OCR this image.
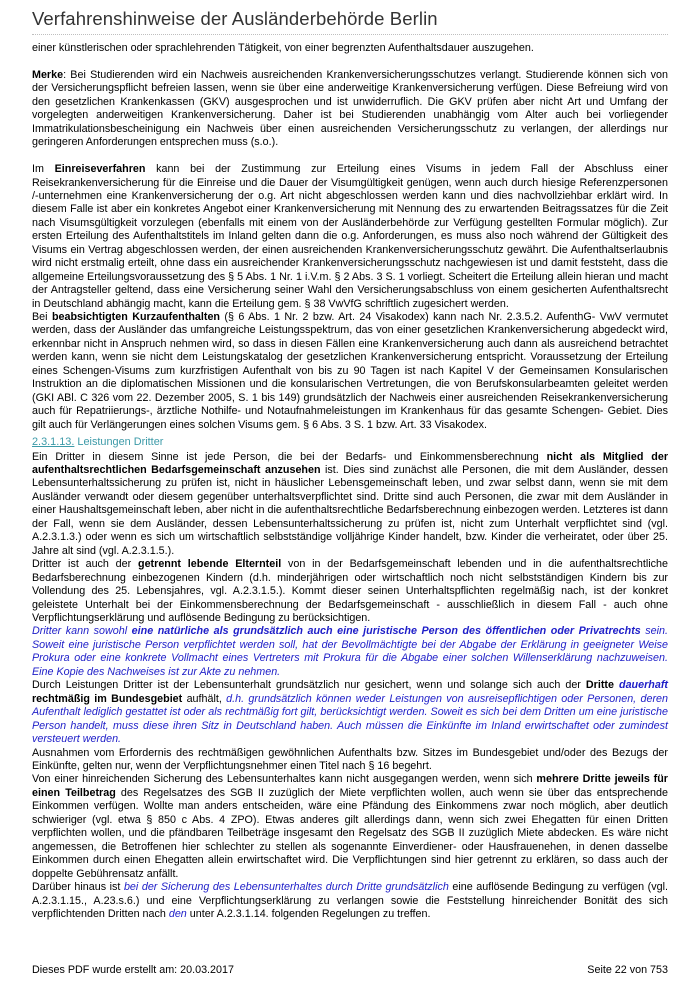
Verfahrenshinweise der Ausländerbehörde Berlin

einer künstlerischen oder sprachlehrenden Tätigkeit, von einer begrenzten Aufenthaltsdauer auszugehen.

Merke: Bei Studierenden wird ein Nachweis ausreichenden Krankenversicherungsschutzes verlangt. Studierende können sich von der Versicherungspflicht befreien lassen, wenn sie über eine anderweitige Krankenversicherung verfügen. Diese Befreiung wird von den gesetzlichen Krankenkassen (GKV) ausgesprochen und ist unwiderruflich. Die GKV prüfen aber nicht Art und Umfang der vorgelegten anderweitigen Krankenversicherung. Daher ist bei Studierenden unabhängig vom Alter auch bei vorliegender Immatrikulationsbescheinigung ein Nachweis über einen ausreichenden Versicherungsschutz zu verlangen, der allerdings nur geringeren Anforderungen entsprechen muss (s.o.).

Im Einreiseverfahren kann bei der Zustimmung zur Erteilung eines Visums in jedem Fall der Abschluss einer Reisekrankenversicherung für die Einreise und die Dauer der Visumgültigkeit genügen, wenn auch durch hiesige Referenzpersonen /-unternehmen eine Krankenversicherung der o.g. Art nicht abgeschlossen werden kann und dies nachvollziehbar erklärt wird. In diesem Falle ist aber ein konkretes Angebot einer Krankenversicherung mit Nennung des zu erwartenden Beitragssatzes für die Zeit nach Visumsgültigkeit vorzulegen (ebenfalls mit einem von der Ausländerbehörde zur Verfügung gestellten Formular möglich). Zur ersten Erteilung des Aufenthaltstitels im Inland gelten dann die o.g. Anforderungen, es muss also noch während der Gültigkeit des Visums ein Vertrag abgeschlossen werden, der einen ausreichenden Krankenversicherungsschutz gewährt. Die Aufenthaltserlaubnis wird nicht erstmalig erteilt, ohne dass ein ausreichender Krankenversicherungsschutz nachgewiesen ist und damit feststeht, dass die allgemeine Erteilungsvoraussetzung des § 5 Abs. 1 Nr. 1 i.V.m. § 2 Abs. 3 S. 1 vorliegt. Scheitert die Erteilung allein hieran und macht der Antragsteller geltend, dass eine Versicherung seiner Wahl den Versicherungsabschluss von einem gesicherten Aufenthaltsrecht in Deutschland abhängig macht, kann die Erteilung gem. § 38 VwVfG schriftlich zugesichert werden.

Bei beabsichtigten Kurzaufenthalten (§ 6 Abs. 1 Nr. 2 bzw. Art. 24 Visakodex) kann nach Nr. 2.3.5.2. AufenthG- VwV vermutet werden, dass der Ausländer das umfangreiche Leistungsspektrum, das von einer gesetzlichen Krankenversicherung abgedeckt wird, erkennbar nicht in Anspruch nehmen wird, so dass in diesen Fällen eine Krankenversicherung auch dann als ausreichend betrachtet werden kann, wenn sie nicht dem Leistungskatalog der gesetzlichen Krankenversicherung entspricht. Voraussetzung der Erteilung eines Schengen-Visums zum kurzfristigen Aufenthalt von bis zu 90 Tagen ist nach Kapitel V der Gemeinsamen Konsularischen Instruktion an die diplomatischen Missionen und die konsularischen Vertretungen, die von Berufskonsularbeamten geleitet werden (GKI ABl. C 326 vom 22. Dezember 2005, S. 1 bis 149) grundsätzlich der Nachweis einer ausreichenden Reisekrankenversicherung auch für Repatriierungs-, ärztliche Nothilfe- und Notaufnahmeleistungen im Krankenhaus für das gesamte Schengen- Gebiet. Dies gilt auch für Verlängerungen eines solchen Visums gem. § 6 Abs. 3 S. 1 bzw. Art. 33 Visakodex.

2.3.1.13. Leistungen Dritter

Ein Dritter in diesem Sinne ist jede Person, die bei der Bedarfs- und Einkommensberechnung nicht als Mitglied der aufenthaltsrechtlichen Bedarfsgemeinschaft anzusehen ist. Dies sind zunächst alle Personen, die mit dem Ausländer, dessen Lebensunterhaltssicherung zu prüfen ist, nicht in häuslicher Lebensgemeinschaft leben, und zwar selbst dann, wenn sie mit dem Ausländer verwandt oder diesem gegenüber unterhaltsverpflichtet sind. Dritte sind auch Personen, die zwar mit dem Ausländer in einer Haushaltsgemeinschaft leben, aber nicht in die aufenthaltsrechtliche Bedarfsberechnung einbezogen werden. Letzteres ist dann der Fall, wenn sie dem Ausländer, dessen Lebensunterhaltssicherung zu prüfen ist, nicht zum Unterhalt verpflichtet sind (vgl. A.2.3.1.3.) oder wenn es sich um wirtschaftlich selbstständige volljährige Kinder handelt, bzw. Kinder die verheiratet, oder über 25. Jahre alt sind (vgl. A.2.3.1.5.).

Dritter ist auch der getrennt lebende Elternteil von in der Bedarfsgemeinschaft lebenden und in die aufenthaltsrechtliche Bedarfsberechnung einbezogenen Kindern (d.h. minderjährigen oder wirtschaftlich noch nicht selbstständigen Kindern bis zur Vollendung des 25. Lebensjahres, vgl. A.2.3.1.5.). Kommt dieser seinen Unterhaltspflichten regelmäßig nach, ist der konkret geleistete Unterhalt bei der Einkommensberechnung der Bedarfsgemeinschaft - ausschließlich in diesem Fall - auch ohne Verpflichtungserklärung und auflösende Bedingung zu berücksichtigen.

Dritter kann sowohl eine natürliche als grundsätzlich auch eine juristische Person des öffentlichen oder Privatrechts sein. Soweit eine juristische Person verpflichtet werden soll, hat der Bevollmächtigte bei der Abgabe der Erklärung in geeigneter Weise Prokura oder eine konkrete Vollmacht eines Vertreters mit Prokura für die Abgabe einer solchen Willenserklärung nachzuweisen. Eine Kopie des Nachweises ist zur Akte zu nehmen.

Durch Leistungen Dritter ist der Lebensunterhalt grundsätzlich nur gesichert, wenn und solange sich auch der Dritte dauerhaft rechtmäßig im Bundesgebiet aufhält, d.h. grundsätzlich können weder Leistungen von ausreisepflichtigen oder Personen, deren Aufenthalt lediglich gestattet ist oder als rechtmäßig fort gilt, berücksichtigt werden. Soweit es sich bei dem Dritten um eine juristische Person handelt, muss diese ihren Sitz in Deutschland haben. Auch müssen die Einkünfte im Inland erwirtschaftet oder zumindest versteuert werden.

Ausnahmen vom Erfordernis des rechtmäßigen gewöhnlichen Aufenthalts bzw. Sitzes im Bundesgebiet und/oder des Bezugs der Einkünfte, gelten nur, wenn der Verpflichtungsnehmer einen Titel nach § 16 begehrt.

Von einer hinreichenden Sicherung des Lebensunterhaltes kann nicht ausgegangen werden, wenn sich mehrere Dritte jeweils für einen Teilbetrag des Regelsatzes des SGB II zuzüglich der Miete verpflichten wollen, auch wenn sie über das entsprechende Einkommen verfügen. Wollte man anders entscheiden, wäre eine Pfändung des Einkommens zwar noch möglich, aber deutlich schwieriger (vgl. etwa § 850 c Abs. 4 ZPO). Etwas anderes gilt allerdings dann, wenn sich zwei Ehegatten für einen Dritten verpflichten wollen, und die pfändbaren Teilbeträge insgesamt den Regelsatz des SGB II zuzüglich Miete abdecken. Es wäre nicht angemessen, die Betroffenen hier schlechter zu stellen als sogenannte Einverdiener- oder Hausfrauenehen, in denen dasselbe Einkommen durch einen Ehegatten allein erwirtschaftet wird. Die Verpflichtungen sind hier getrennt zu erklären, so dass auch der doppelte Gebührensatz anfällt.

Darüber hinaus ist bei der Sicherung des Lebensunterhaltes durch Dritte grundsätzlich eine auflösende Bedingung zu verfügen (vgl. A.2.3.1.15., A.23.s.6.) und eine Verpflichtungserklärung zu verlangen sowie die Feststellung hinreichender Bonität des sich verpflichtenden Dritten nach den unter A.2.3.1.14. folgenden Regelungen zu treffen.

Dieses PDF wurde erstellt am: 20.03.2017	Seite 22 von 753
